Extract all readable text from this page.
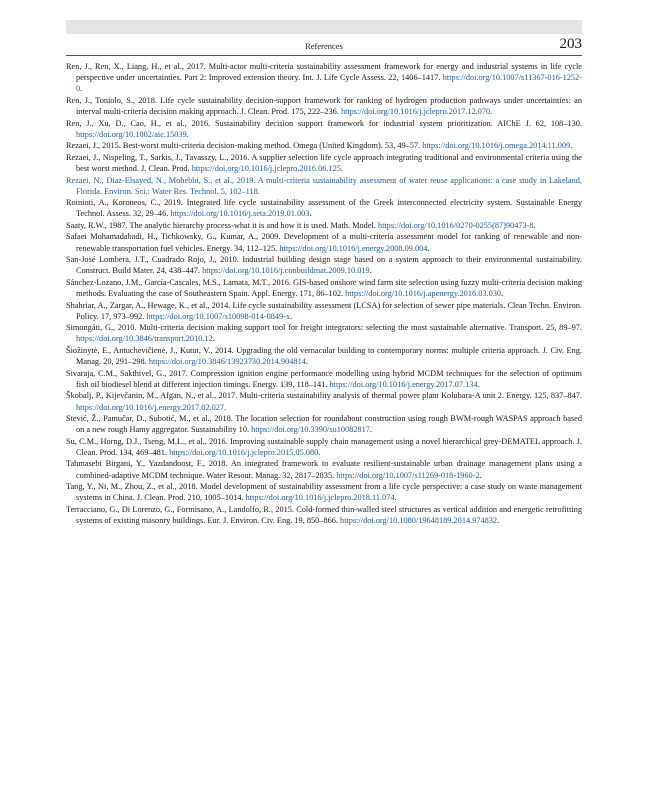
References	203
Ren, J., Ren, X., Liang, H., et al., 2017. Multi-actor multi-criteria sustainability assessment framework for energy and industrial systems in life cycle perspective under uncertainties. Part 2: Improved extension theory. Int. J. Life Cycle Assess. 22, 1406–1417. https://doi.org/10.1007/s11367-016-1252-0.
Ren, J., Toniolo, S., 2018. Life cycle sustainability decision-support framework for ranking of hydrogen production pathways under uncertainties: an interval multi-criteria decision making approach. J. Clean. Prod. 175, 222–236. https://doi.org/10.1016/j.jclepro.2017.12.070.
Ren, J., Xu, D., Cao, H., et al., 2016. Sustainability decision support framework for industrial system prioritization. AIChE J. 62, 108–130. https://doi.org/10.1002/aic.15039.
Rezaei, J., 2015. Best-worst multi-criteria decision-making method. Omega (United Kingdom). 53, 49–57. https://doi.org/10.1016/j.omega.2014.11.009.
Rezaei, J., Nispeling, T., Sarkis, J., Tavasszy, L., 2016. A supplier selection life cycle approach integrating traditional and environmental criteria using the best worst method. J. Clean. Prod. https://doi.org/10.1016/j.jclepro.2016.06.125.
Rezaei, N., Diaz-Elsayed, N., Mohebbi, S., et al., 2019. A multi-criteria sustainability assessment of water reuse applications: a case study in Lakeland, Florida. Environ. Sci.: Water Res. Technol. 5, 102–118.
Roinioti, A., Koroneos, C., 2019. Integrated life cycle sustainability assessment of the Greek interconnected electricity system. Sustainable Energy Technol. Assess. 32, 29–46. https://doi.org/10.1016/j.seta.2019.01.003.
Saaty, R.W., 1987. The analytic hierarchy process-what it is and how it is used. Math. Model. https://doi.org/10.1016/0270-0255(87)90473-8.
Safaei Mohamadabadi, H., Tichkowsky, G., Kumar, A., 2009. Development of a multi-criteria assessment model for ranking of renewable and non-renewable transportation fuel vehicles. Energy. 34, 112–125. https://doi.org/10.1016/j.energy.2008.09.004.
San-José Lombera, J.T., Cuadrado Rojo, J., 2010. Industrial building design stage based on a system approach to their environmental sustainability. Construct. Build Mater. 24, 438–447. https://doi.org/10.1016/j.conbuildmat.2009.10.019.
Sánchez-Lozano, J.M., García-Cascales, M.S., Lamata, M.T., 2016. GIS-based onshore wind farm site selection using fuzzy multi-criteria decision making methods. Evaluating the case of Southeastern Spain. Appl. Energy. 171, 86–102. https://doi.org/10.1016/j.apenergy.2016.03.030.
Shahriar, A., Zargar, A., Hewage, K., et al., 2014. Life cycle sustainability assessment (LCSA) for selection of sewer pipe materials. Clean Techn. Environ. Policy. 17, 973–992. https://doi.org/10.1007/s10098-014-0849-x.
Simongáti, G., 2010. Multi-criteria decision making support tool for freight integrators: selecting the most sustainable alternative. Transport. 25, 89–97. https://doi.org/10.3846/transport.2010.12.
Šiožinytė, E., Antuchevičienė, J., Kutut, V., 2014. Upgrading the old vernacular building to contemporary norms: multiple criteria approach. J. Civ. Eng. Manag. 20, 291–298. https://doi.org/10.3846/13923730.2014.904814.
Sivaraja, C.M., Sakthivel, G., 2017. Compression ignition engine performance modelling using hybrid MCDM techniques for the selection of optimum fish oil biodiesel blend at different injection timings. Energy. 139, 118–141. https://doi.org/10.1016/j.energy.2017.07.134.
Škobalj, P., Kijevčanin, M., Afgan, N., et al., 2017. Multi-criteria sustainability analysis of thermal power plant Kolubara-A unit 2. Energy. 125, 837–847. https://doi.org/10.1016/j.energy.2017.02.027.
Stević, Ž., Pamučar, D., Subotić, M., et al., 2018. The location selection for roundabout construction using rough BWM-rough WASPAS approach based on a new rough Hamy aggregator. Sustainability 10. https://doi.org/10.3390/su10082817.
Su, C.M., Horng, D.J., Tseng, M.L., et al., 2016. Improving sustainable supply chain management using a novel hierarchical grey-DEMATEL approach. J. Clean. Prod. 134, 469–481. https://doi.org/10.1016/j.jclepro.2015.05.080.
Tahmasebi Birgani, Y., Yazdandoost, F., 2018. An integrated framework to evaluate resilient-sustainable urban drainage management plans using a combined-adaptive MCDM technique. Water Resour. Manag. 32, 2817–2835. https://doi.org/10.1007/s11269-018-1960-2.
Tang, Y., Ni, M., Zhou, Z., et al., 2018. Model development of sustainability assessment from a life cycle perspective: a case study on waste management systems in China. J. Clean. Prod. 210, 1005–1014. https://doi.org/10.1016/j.jclepro.2018.11.074.
Terracciano, G., Di Lorenzo, G., Formisano, A., Landolfo, R., 2015. Cold-formed thin-walled steel structures as vertical addition and energetic retrofitting systems of existing masonry buildings. Eur. J. Environ. Civ. Eng. 19, 850–866. https://doi.org/10.1080/19648189.2014.974832.
